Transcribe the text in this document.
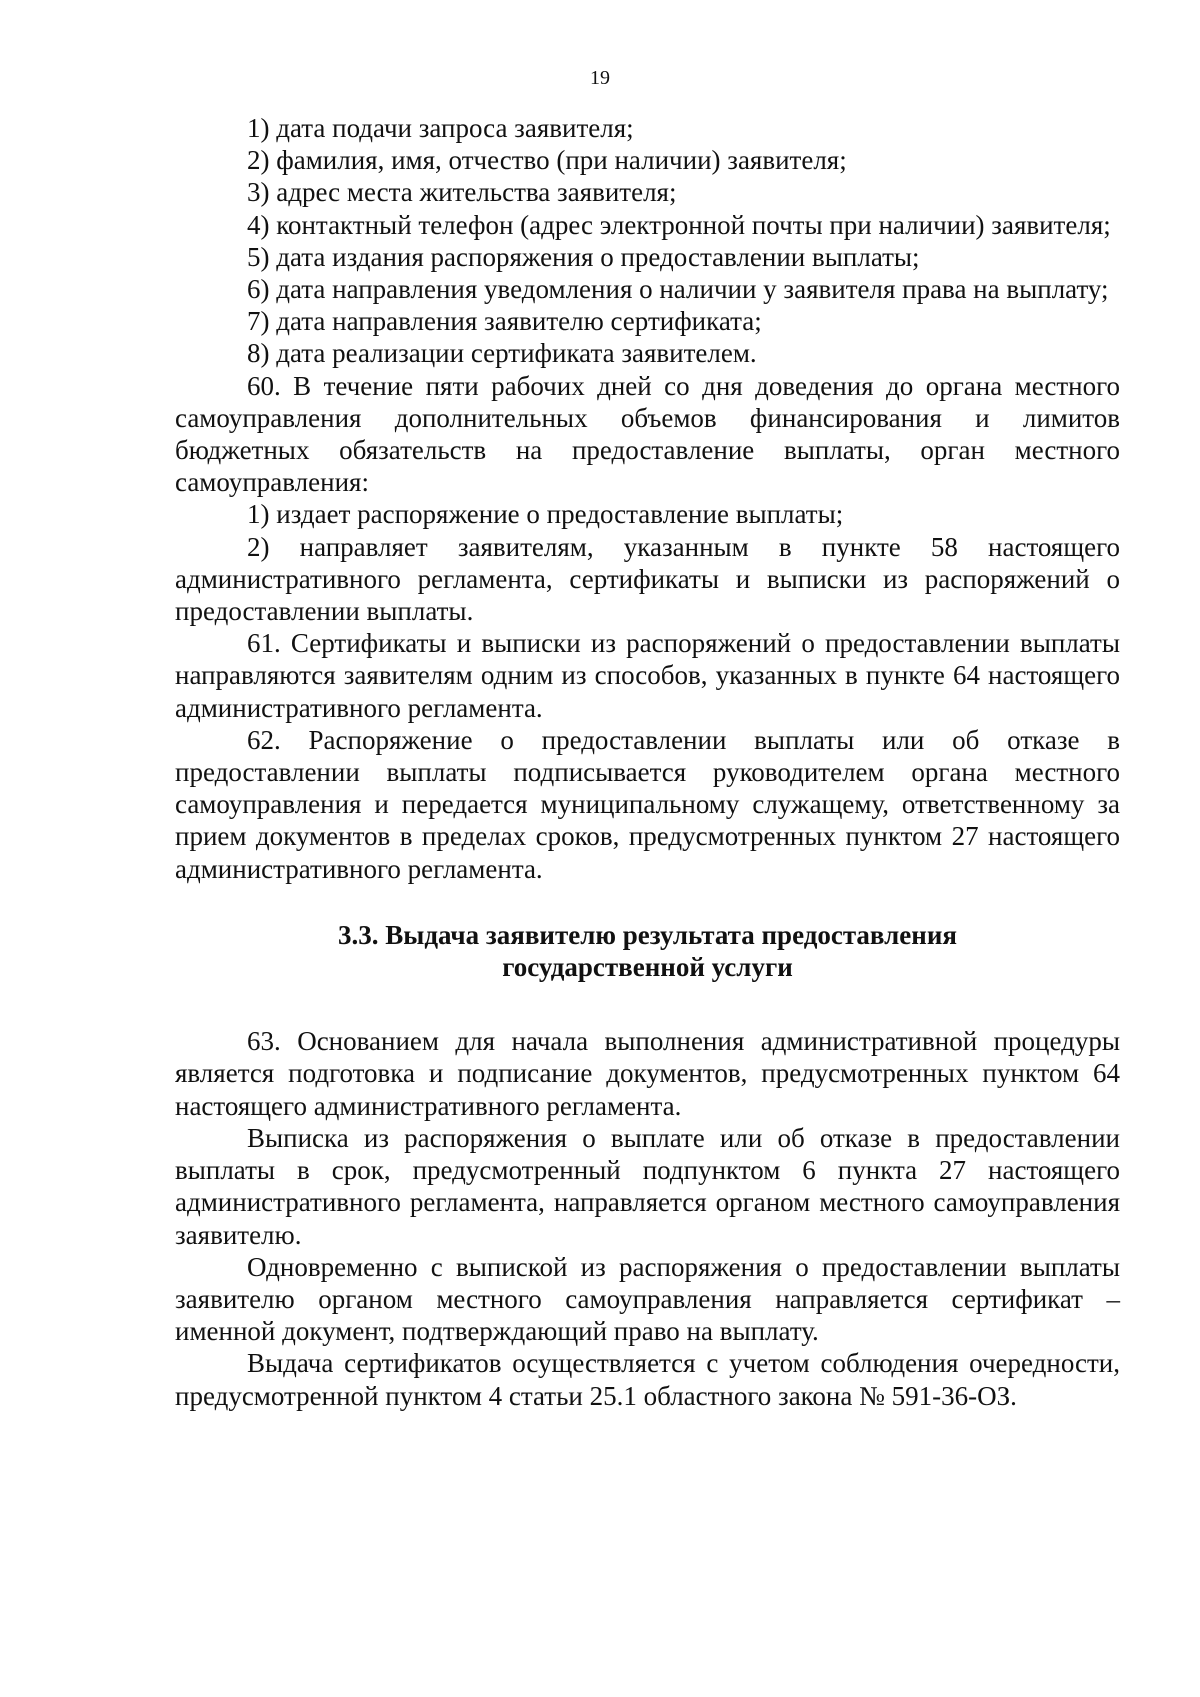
19

1) дата подачи запроса заявителя;

2) фамилия, имя, отчество (при наличии) заявителя;

3) адрес места жительства заявителя;

4) контактный телефон (адрес электронной почты при наличии) заявителя;

5) дата издания распоряжения о предоставлении выплаты;

6) дата направления уведомления о наличии у заявителя права на выплату;

7) дата направления заявителю сертификата;

8) дата реализации сертификата заявителем.

60. В течение пяти рабочих дней со дня доведения до органа местного самоуправления дополнительных объемов финансирования и лимитов бюджетных обязательств на предоставление выплаты, орган местного самоуправления:

1) издает распоряжение о предоставление выплаты;

2) направляет заявителям, указанным в пункте 58 настоящего административного регламента, сертификаты и выписки из распоряжений о предоставлении выплаты.

61. Сертификаты и выписки из распоряжений о предоставлении выплаты направляются заявителям одним из способов, указанных в пункте 64 настоящего административного регламента.

62. Распоряжение о предоставлении выплаты или об отказе в предоставлении выплаты подписывается руководителем органа местного самоуправления и передается муниципальному служащему, ответственному за прием документов в пределах сроков, предусмотренных пунктом 27 настоящего административного регламента.

3.3. Выдача заявителю результата предоставления
государственной услуги

63. Основанием для начала выполнения административной процедуры является подготовка и подписание документов, предусмотренных пунктом 64 настоящего административного регламента.

Выписка из распоряжения о выплате или об отказе в предоставлении выплаты в срок, предусмотренный подпунктом 6 пункта 27 настоящего административного регламента, направляется органом местного самоуправления заявителю.

Одновременно с выпиской из распоряжения о предоставлении выплаты заявителю органом местного самоуправления направляется сертификат – именной документ, подтверждающий право на выплату.

Выдача сертификатов осуществляется с учетом соблюдения очередности, предусмотренной пунктом 4 статьи 25.1 областного закона № 591-36-ОЗ.
